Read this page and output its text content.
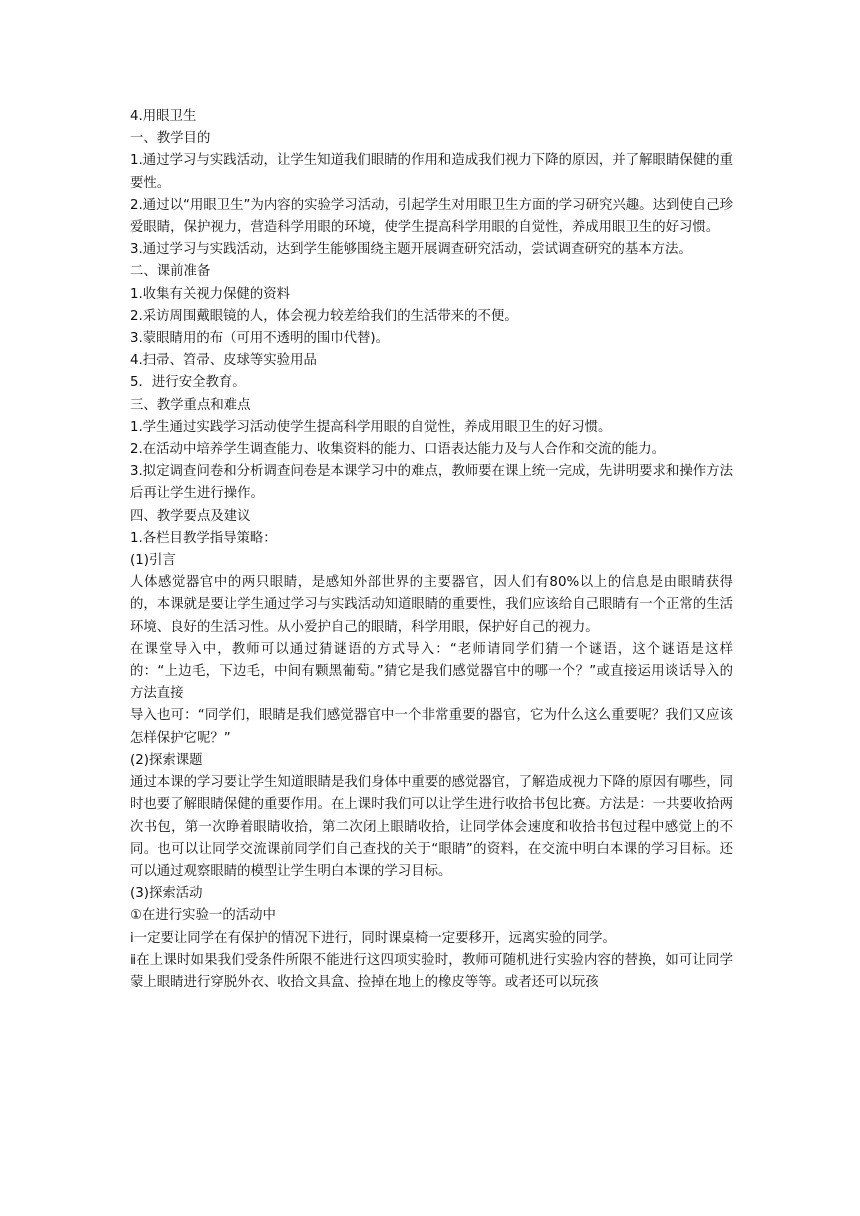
4.用眼卫生

一、教学目的

1.通过学习与实践活动，让学生知道我们眼睛的作用和造成我们视力下降的原因，并了解眼睛保健的重要性。

2.通过以“用眼卫生”为内容的实验学习活动，引起学生对用眼卫生方面的学习研究兴趣。达到使自己珍爱眼睛，保护视力，营造科学用眼的环境，使学生提高科学用眼的自觉性，养成用眼卫生的好习惯。

3.通过学习与实践活动，达到学生能够围绕主题开展调查研究活动，尝试调查研究的基本方法。

二、课前准备

1.收集有关视力保健的资料

2.采访周围戴眼镜的人，体会视力较差给我们的生活带来的不便。

3.蒙眼睛用的布（可用不透明的围巾代替)。

4.扫帚、笤帚、皮球等实验用品

5．进行安全教育。

三、教学重点和难点

1.学生通过实践学习活动使学生提高科学用眼的自觉性，养成用眼卫生的好习惯。

2.在活动中培养学生调查能力、收集资料的能力、口语表达能力及与人合作和交流的能力。

3.拟定调查问卷和分析调查问卷是本课学习中的难点，教师要在课上统一完成，先讲明要求和操作方法后再让学生进行操作。

四、教学要点及建议

1.各栏目教学指导策略：

(1)引言

人体感觉器官中的两只眼睛，是感知外部世界的主要器官，因人们有80%以上的信息是由眼睛获得的，本课就是要让学生通过学习与实践活动知道眼睛的重要性，我们应该给自己眼睛有一个正常的生活环境、良好的生活习性。从小爱护自己的眼睛，科学用眼，保护好自己的视力。

在课堂导入中，教师可以通过猜谜语的方式导入：“老师请同学们猜一个谜语，这个谜语是这样的：“上边毛，下边毛，中间有颗黑葡萄。”猜它是我们感觉器官中的哪一个？”或直接运用谈话导入的方法直接

导入也可：“同学们，眼睛是我们感觉器官中一个非常重要的器官，它为什么这么重要呢？我们又应该怎样保护它呢？”

(2)探索课题

通过本课的学习要让学生知道眼睛是我们身体中重要的感觉器官，了解造成视力下降的原因有哪些，同时也要了解眼睛保健的重要作用。在上课时我们可以让学生进行收拾书包比赛。方法是：一共要收拾两次书包，第一次睁着眼睛收拾，第二次闭上眼睛收拾，让同学体会速度和收拾书包过程中感觉上的不同。也可以让同学交流课前同学们自己查找的关于“眼睛”的资料，在交流中明白本课的学习目标。还可以通过观察眼睛的模型让学生明白本课的学习目标。

(3)探索活动

①在进行实验一的活动中

ⅰ一定要让同学在有保护的情况下进行，同时课桌椅一定要移开，远离实验的同学。

ⅱ在上课时如果我们受条件所限不能进行这四项实验时，教师可随机进行实验内容的替换，如可让同学蒙上眼睛进行穿脱外衣、收拾文具盒、捡掉在地上的橡皮等等。或者还可以玩孩
